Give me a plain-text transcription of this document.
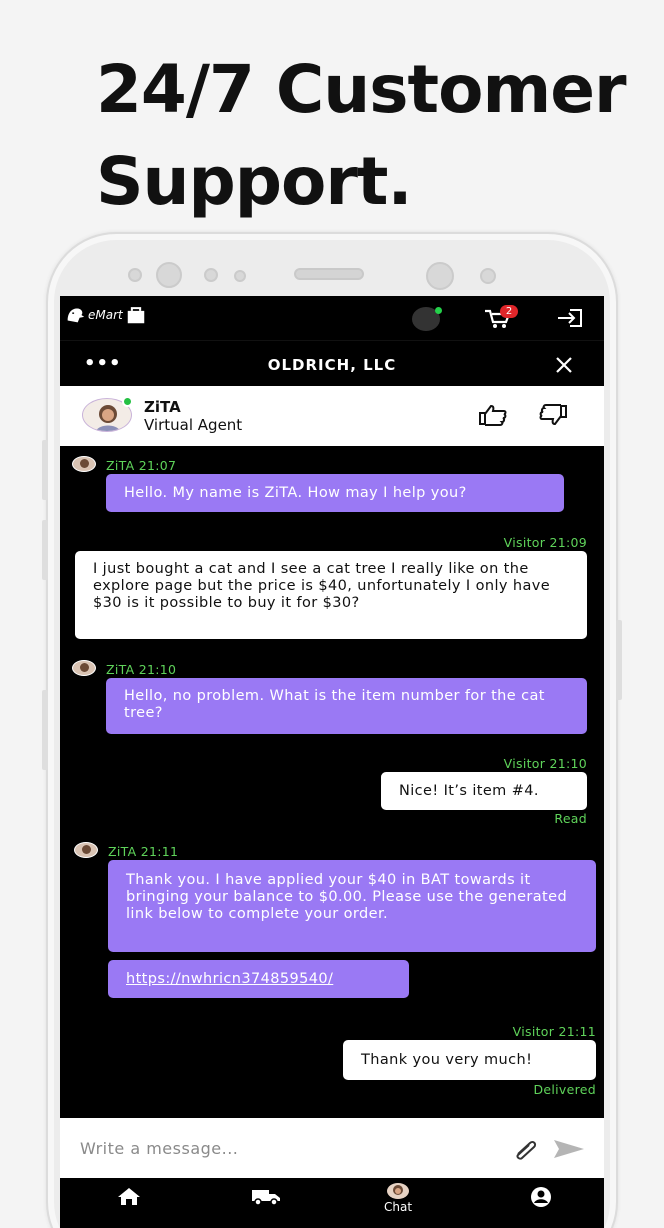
24/7 Customer
Support.
eMart	2
•••	OLDRICH, LLC
ZiTA
Virtual Agent
ZiTA 21:07
Hello. My name is ZiTA. How may I help you?
Visitor 21:09
I just bought a cat and I see a cat tree I really like on the explore page but the price is $40, unfortunately I only have $30 is it possible to buy it for $30?
ZiTA 21:10
Hello, no problem. What is the item number for the cat tree?
Visitor 21:10
Nice! It’s item #4.
Read
ZiTA 21:11
Thank you. I have applied your $40 in BAT towards it bringing your balance to $0.00. Please use the generated link below to complete your order.
https://nwhricn374859540/
Visitor 21:11
Thank you very much!
Delivered
Write a message...
Chat
